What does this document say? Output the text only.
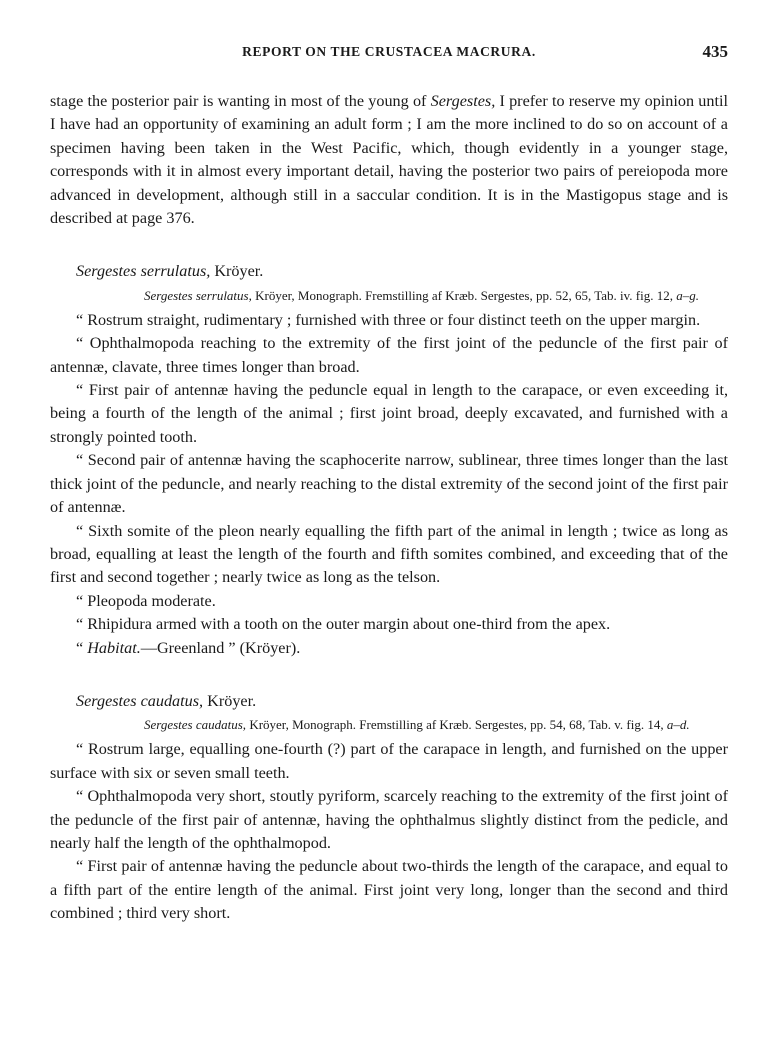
REPORT ON THE CRUSTACEA MACRURA.	435

stage the posterior pair is wanting in most of the young of Sergestes, I prefer to reserve my opinion until I have had an opportunity of examining an adult form ; I am the more inclined to do so on account of a specimen having been taken in the West Pacific, which, though evidently in a younger stage, corresponds with it in almost every important detail, having the posterior two pairs of pereiopoda more advanced in development, although still in a saccular condition. It is in the Mastigopus stage and is described at page 376.

Sergestes serrulatus, Kröyer.

Sergestes serrulatus, Kröyer, Monograph. Fremstilling af Kræb. Sergestes, pp. 52, 65, Tab. iv. fig. 12, a–g.

“ Rostrum straight, rudimentary ; furnished with three or four distinct teeth on the upper margin.

“ Ophthalmopoda reaching to the extremity of the first joint of the peduncle of the first pair of antennæ, clavate, three times longer than broad.

“ First pair of antennæ having the peduncle equal in length to the carapace, or even exceeding it, being a fourth of the length of the animal ; first joint broad, deeply excavated, and furnished with a strongly pointed tooth.

“ Second pair of antennæ having the scaphocerite narrow, sublinear, three times longer than the last thick joint of the peduncle, and nearly reaching to the distal extremity of the second joint of the first pair of antennæ.

“ Sixth somite of the pleon nearly equalling the fifth part of the animal in length ; twice as long as broad, equalling at least the length of the fourth and fifth somites combined, and exceeding that of the first and second together ; nearly twice as long as the telson.

“ Pleopoda moderate.

“ Rhipidura armed with a tooth on the outer margin about one-third from the apex.

“ Habitat.—Greenland ” (Kröyer).

Sergestes caudatus, Kröyer.

Sergestes caudatus, Kröyer, Monograph. Fremstilling af Kræb. Sergestes, pp. 54, 68, Tab. v. fig. 14, a–d.

“ Rostrum large, equalling one-fourth (?) part of the carapace in length, and furnished on the upper surface with six or seven small teeth.

“ Ophthalmopoda very short, stoutly pyriform, scarcely reaching to the extremity of the first joint of the peduncle of the first pair of antennæ, having the ophthalmus slightly distinct from the pedicle, and nearly half the length of the ophthalmopod.

“ First pair of antennæ having the peduncle about two-thirds the length of the carapace, and equal to a fifth part of the entire length of the animal. First joint very long, longer than the second and third combined ; third very short.
